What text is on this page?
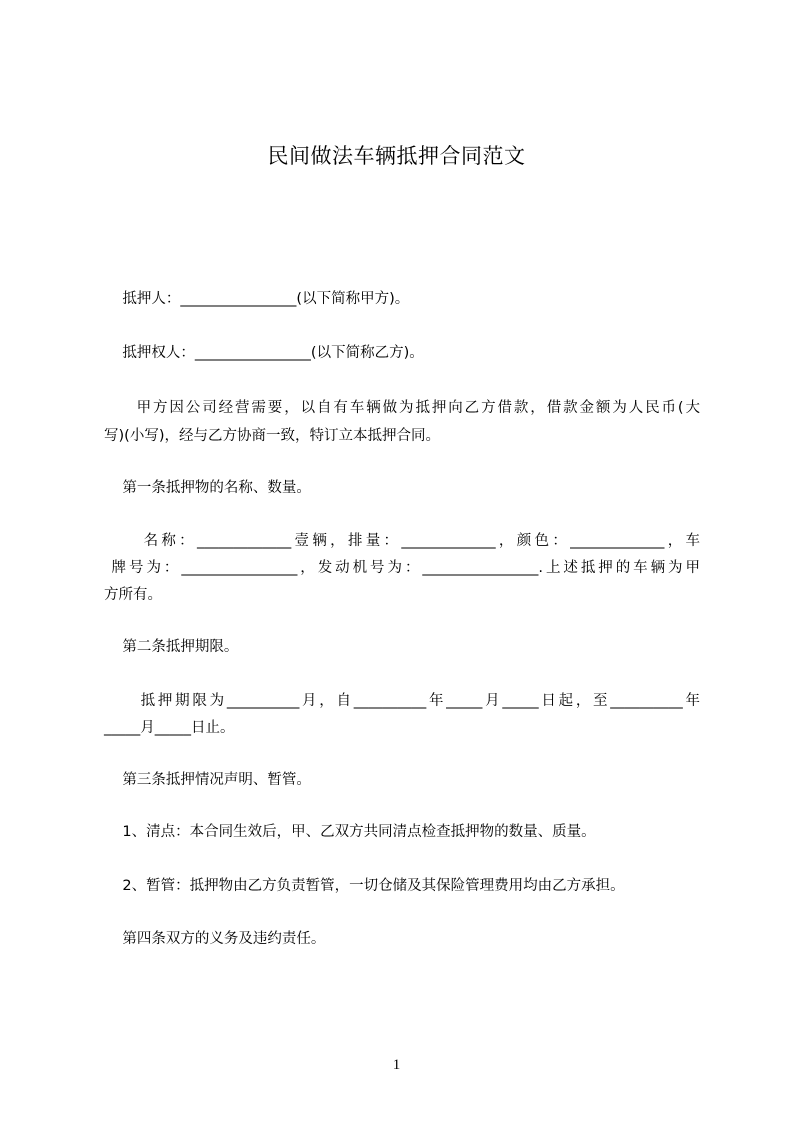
民间做法车辆抵押合同范文
抵押人：________________(以下简称甲方)。
抵押权人：________________(以下简称乙方)。
甲方因公司经营需要，以自有车辆做为抵押向乙方借款，借款金额为人民币(大
写)(小写)，经与乙方协商一致，特订立本抵押合同。
第一条抵押物的名称、数量。
名称：_____________壹辆，排量：_____________，颜色：_____________，车
牌号为：________________，发动机号为：________________.上述抵押的车辆为甲
方所有。
第二条抵押期限。
抵押期限为__________月，自__________年_____月_____日起，至__________年
_____月_____日止。
第三条抵押情况声明、暂管。
1、清点：本合同生效后，甲、乙双方共同清点检查抵押物的数量、质量。
2、暂管：抵押物由乙方负责暂管，一切仓储及其保险管理费用均由乙方承担。
第四条双方的义务及违约责任。
1
